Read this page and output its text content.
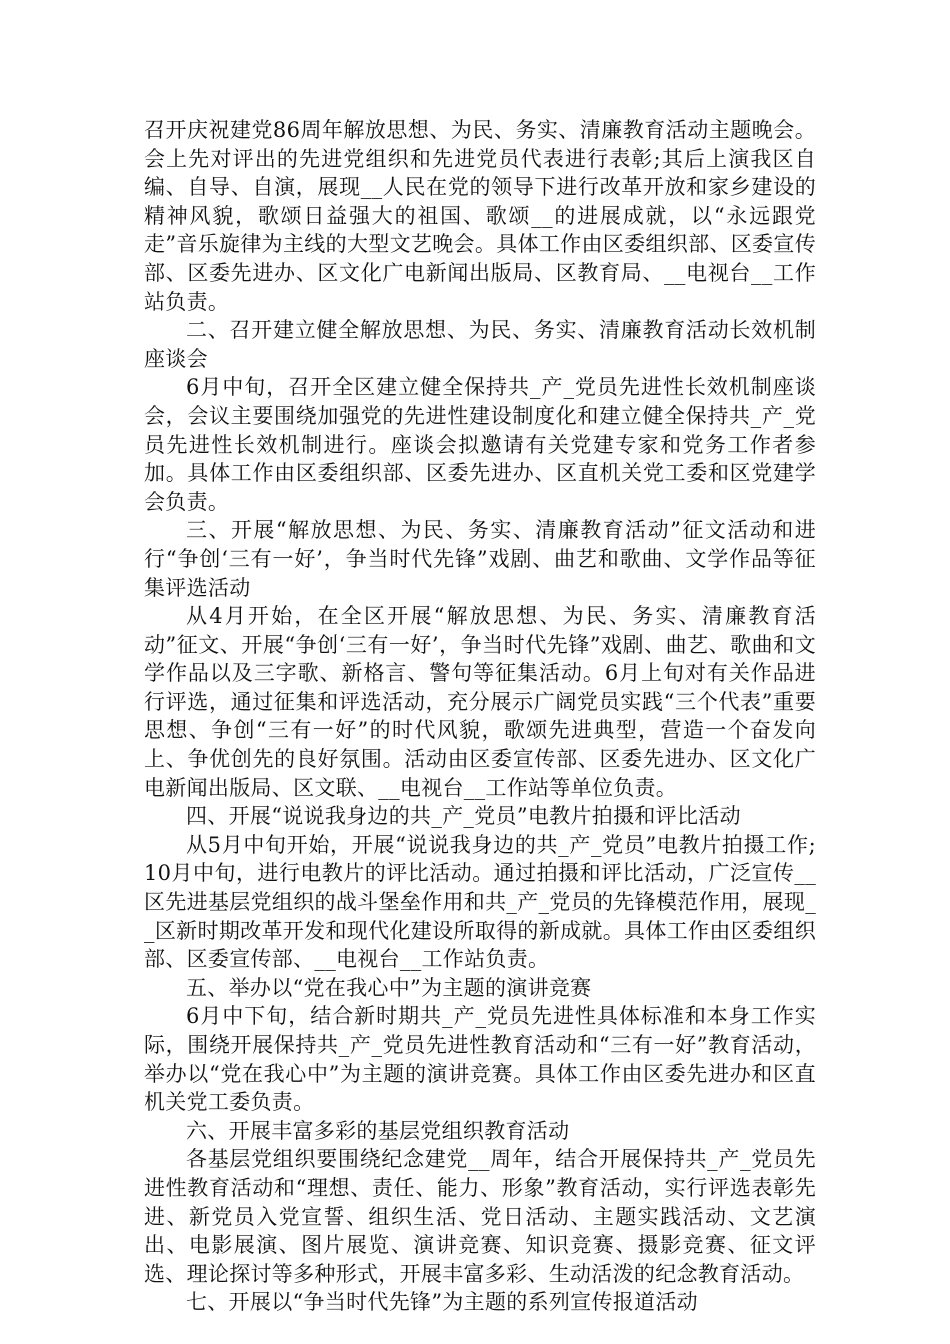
召开庆祝建党86周年解放思想、为民、务实、清廉教育活动主题晚会。会上先对评出的先进党组织和先进党员代表进行表彰;其后上演我区自编、自导、自演，展现__人民在党的领导下进行改革开放和家乡建设的精神风貌，歌颂日益强大的祖国、歌颂__的进展成就，以“永远跟党走”音乐旋律为主线的大型文艺晚会。具体工作由区委组织部、区委宣传部、区委先进办、区文化广电新闻出版局、区教育局、__电视台__工作站负责。

二、召开建立健全解放思想、为民、务实、清廉教育活动长效机制座谈会

6月中旬，召开全区建立健全保持共_产_党员先进性长效机制座谈会，会议主要围绕加强党的先进性建设制度化和建立健全保持共_产_党员先进性长效机制进行。座谈会拟邀请有关党建专家和党务工作者参加。具体工作由区委组织部、区委先进办、区直机关党工委和区党建学会负责。

三、开展“解放思想、为民、务实、清廉教育活动”征文活动和进行“争创‘三有一好’，争当时代先锋”戏剧、曲艺和歌曲、文学作品等征集评选活动

从4月开始，在全区开展“解放思想、为民、务实、清廉教育活动”征文、开展“争创‘三有一好’，争当时代先锋”戏剧、曲艺、歌曲和文学作品以及三字歌、新格言、警句等征集活动。6月上旬对有关作品进行评选，通过征集和评选活动，充分展示广阔党员实践“三个代表”重要思想、争创“三有一好”的时代风貌，歌颂先进典型，营造一个奋发向上、争优创先的良好氛围。活动由区委宣传部、区委先进办、区文化广电新闻出版局、区文联、__电视台__工作站等单位负责。

四、开展“说说我身边的共_产_党员”电教片拍摄和评比活动

从5月中旬开始，开展“说说我身边的共_产_党员”电教片拍摄工作;10月中旬，进行电教片的评比活动。通过拍摄和评比活动，广泛宣传__区先进基层党组织的战斗堡垒作用和共_产_党员的先锋模范作用，展现__区新时期改革开发和现代化建设所取得的新成就。具体工作由区委组织部、区委宣传部、__电视台__工作站负责。

五、举办以“党在我心中”为主题的演讲竞赛

6月中下旬，结合新时期共_产_党员先进性具体标准和本身工作实际，围绕开展保持共_产_党员先进性教育活动和“三有一好”教育活动，举办以“党在我心中”为主题的演讲竞赛。具体工作由区委先进办和区直机关党工委负责。

六、开展丰富多彩的基层党组织教育活动

各基层党组织要围绕纪念建党__周年，结合开展保持共_产_党员先进性教育活动和“理想、责任、能力、形象”教育活动，实行评选表彰先进、新党员入党宣誓、组织生活、党日活动、主题实践活动、文艺演出、电影展演、图片展览、演讲竞赛、知识竞赛、摄影竞赛、征文评选、理论探讨等多种形式，开展丰富多彩、生动活泼的纪念教育活动。

七、开展以“争当时代先锋”为主题的系列宣传报道活动
